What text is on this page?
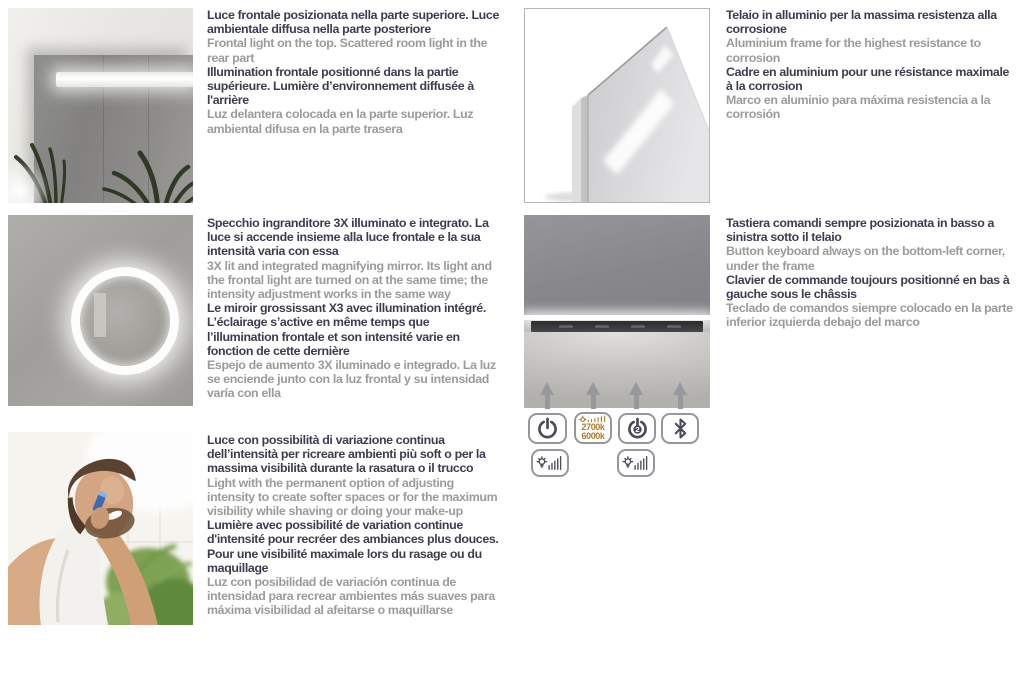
Luce frontale posizionata nella parte superiore. Luce ambientale diffusa nella parte posteriore

Frontal light on the top. Scattered room light in the rear part

Illumination frontale positionné dans la partie supérieure. Lumière d’environnement diffusée à l'arrière

Luz delantera colocada en la parte superior. Luz ambiental difusa en la parte trasera

Telaio in alluminio per la massima resistenza alla corrosione

Aluminium frame for the highest resistance to corrosion

Cadre en aluminium pour une résistance maximale à la corrosion

Marco en aluminio para máxima resistencia a la corrosión

Specchio ingranditore 3X illuminato e integrato. La luce si accende insieme alla luce frontale e la sua intensità varia con essa

3X lit and integrated magnifying mirror. Its light and the frontal light are turned on at the same time; the intensity adjustment works in the same way

Le miroir grossissant X3 avec illumination intégré. L’éclairage s’active en même temps que l’illumination frontale et son intensité varie en fonction de cette dernière

Espejo de aumento 3X iluminado e integrado. La luz se enciende junto con la luz frontal y su intensidad varía con ella

Tastiera comandi sempre posizionata in basso a sinistra sotto il telaio

Button keyboard always on the bottom-left corner, under the frame

Clavier de commande toujours positionné en bas à gauche sous le châssis

Teclado de comandos siempre colocado en la parte inferior izquierda debajo del marco

2700k
6000k
2

Luce con possibilità di variazione continua dell’intensità per ricreare ambienti più soft o per la massima visibilità durante la rasatura o il trucco

Light with the permanent option of adjusting intensity to create softer spaces or for the maximum visibility while shaving or doing your make-up

Lumière avec possibilité de variation continue d'intensité pour recréer des ambiances plus douces. Pour une visibilité maximale lors du rasage ou du maquillage

Luz con posibilidad de variación continua de intensidad para recrear ambientes más suaves para máxima visibilidad al afeitarse o maquillarse
